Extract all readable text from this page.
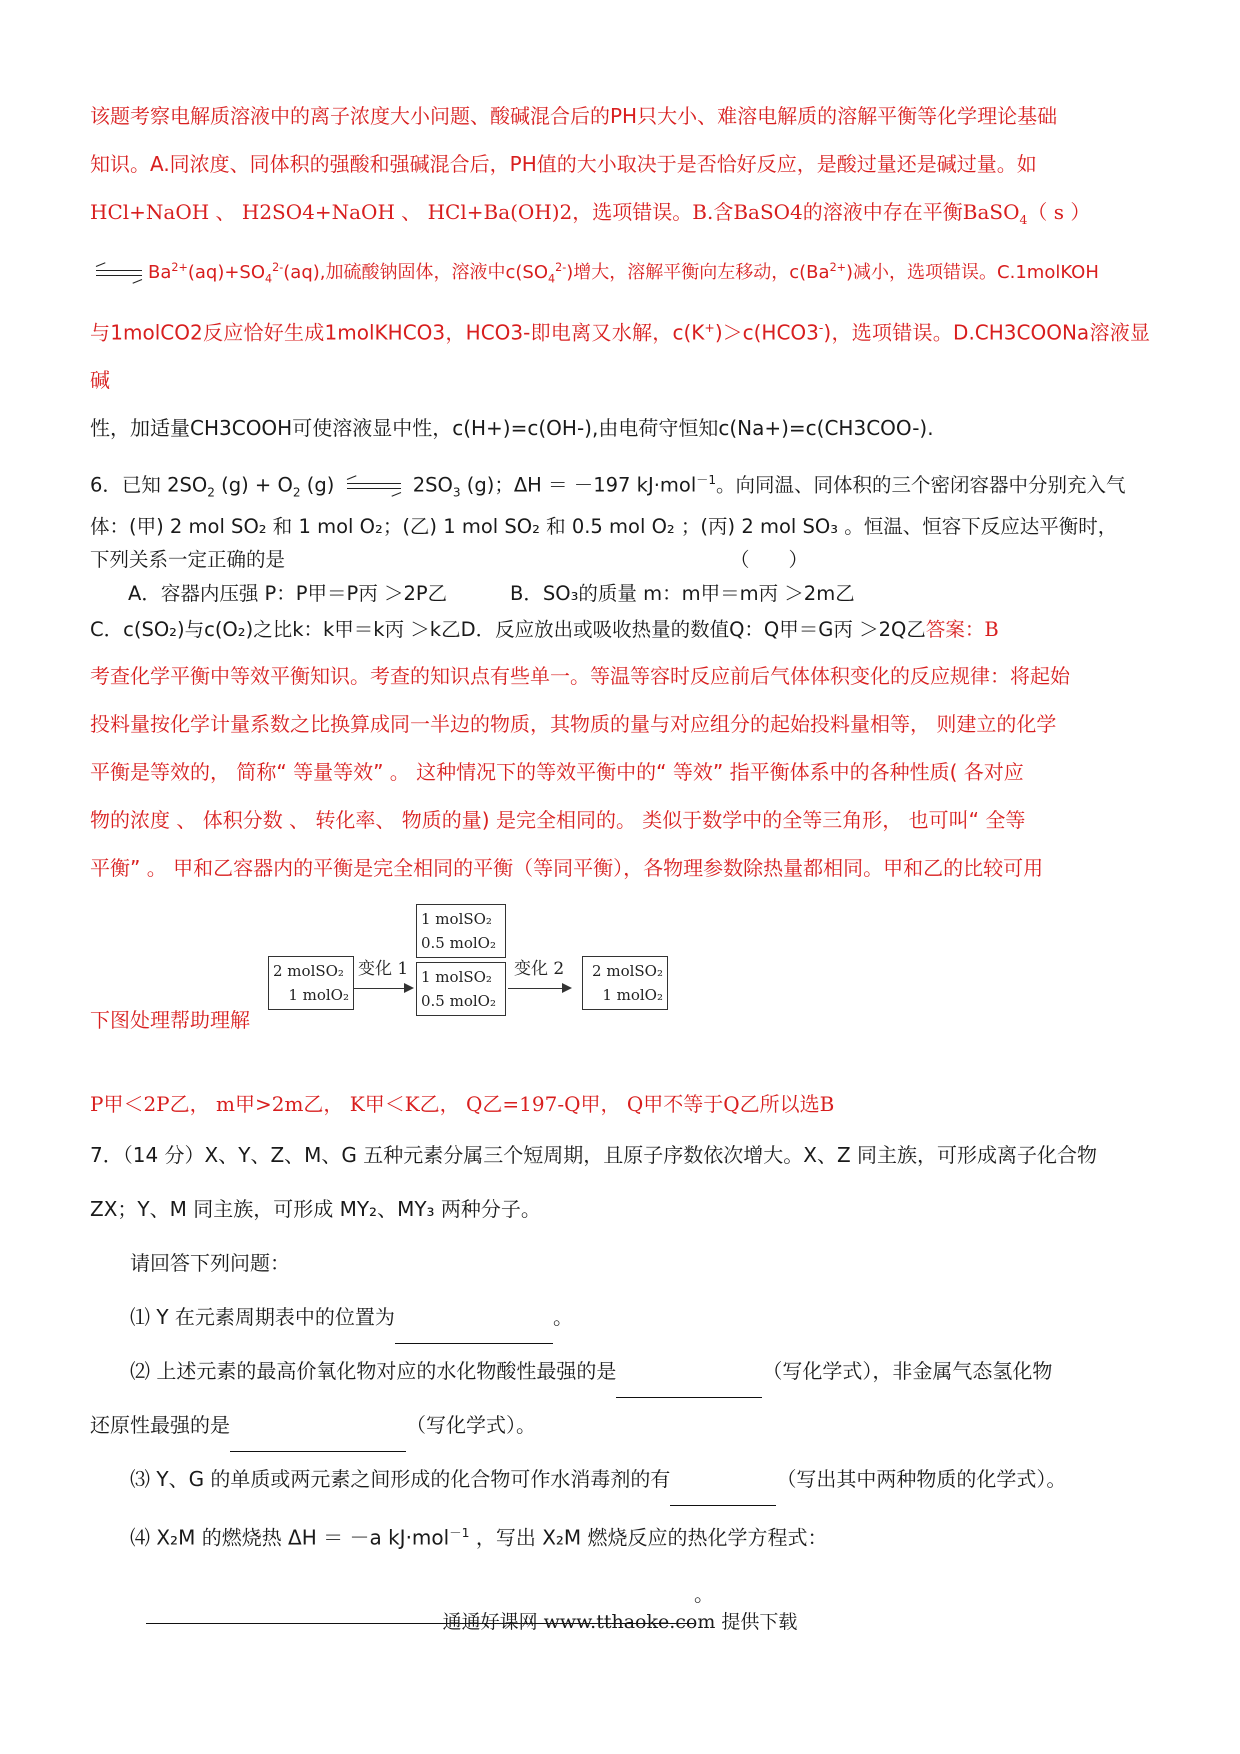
该题考察电解质溶液中的离子浓度大小问题、酸碱混合后的PH只大小、难溶电解质的溶解平衡等化学理论基础

知识。A.同浓度、同体积的强酸和强碱混合后，PH值的大小取决于是否恰好反应，是酸过量还是碱过量。如

HCl+NaOH 、 H2SO4+NaOH 、 HCl+Ba(OH)2，选项错误。B.含BaSO4的溶液中存在平衡BaSO$_4$（ s ）

⇌ $Ba^{2+}(aq)+SO_4^{2-}(aq)$,加硫酸钠固体，溶液中$c(SO_4^{2-})$增大，溶解平衡向左移动，$c(Ba^{2+})$减小，选项错误。C.1molKOH

与1molCO2反应恰好生成1molKHCO3，HCO3-即电离又水解，c(K+)＞c(HCO3-)，选项错误。D.CH3COONa溶液显碱

性，加适量CH3COOH可使溶液显中性，c(H+)=c(OH-),由电荷守恒知c(Na+)=c(CH3COO-).

6．已知 $2SO_2$ $(g) + O_2$ (g) ⇌ $2SO_3$ (g)；ΔH ＝ －197 kJ·mol$^{-1}$。向同温、同体积的三个密闭容器中分别充入气

体：(甲) 2 mol SO₂ 和 1 mol O₂；(乙) 1 mol SO₂ 和 0.5 mol O₂ ；(丙) 2 mol SO₃ 。恒温、恒容下反应达平衡时，

下列关系一定正确的是	（　　）

A．容器内压强 P：P甲＝P丙 ＞2P乙	B．SO₃的质量 m：m甲＝m丙 ＞2m乙

C．c(SO₂)与c(O₂)之比k：k甲＝k丙 ＞k乙D．反应放出或吸收热量的数值Q：Q甲＝G丙 ＞2Q乙答案：B

考查化学平衡中等效平衡知识。考查的知识点有些单一。等温等容时反应前后气体体积变化的反应规律：将起始

投料量按化学计量系数之比换算成同一半边的物质，其物质的量与对应组分的起始投料量相等， 则建立的化学

平衡是等效的， 简称“ 等量等效” 。 这种情况下的等效平衡中的“ 等效” 指平衡体系中的各种性质( 各对应

物的浓度 、 体积分数 、 转化率、 物质的量) 是完全相同的。 类似于数学中的全等三角形， 也可叫“ 全等

平衡” 。 甲和乙容器内的平衡是完全相同的平衡（等同平衡），各物理参数除热量都相同。甲和乙的比较可用

2 molSO₂
1 molO₂
变化 1
1 molSO₂
0.5 molO₂
1 molSO₂
0.5 molO₂
变化 2	2 molSO₂
1 molO₂

下图处理帮助理解

P甲＜2P乙， m甲>2m乙， K甲＜K乙， Q乙=197-Q甲， Q甲不等于Q乙所以选B

7．（14 分）X、Y、Z、M、G 五种元素分属三个短周期，且原子序数依次增大。X、Z 同主族，可形成离子化合物

ZX；Y、M 同主族，可形成 MY₂、MY₃ 两种分子。

请回答下列问题：

⑴ Y 在元素周期表中的位置为	。

⑵ 上述元素的最高价氧化物对应的水化物酸性最强的是	（写化学式），非金属气态氢化物

还原性最强的是	（写化学式）。

⑶ Y、G 的单质或两元素之间形成的化合物可作水消毒剂的有	（写出其中两种物质的化学式）。

⑷ X₂M 的燃烧热 ΔH ＝ －a kJ·mol$^{-1}$ ，写出 X₂M 燃烧反应的热化学方程式：

。

通通好课网 www.tthaoke.com 提供下载
